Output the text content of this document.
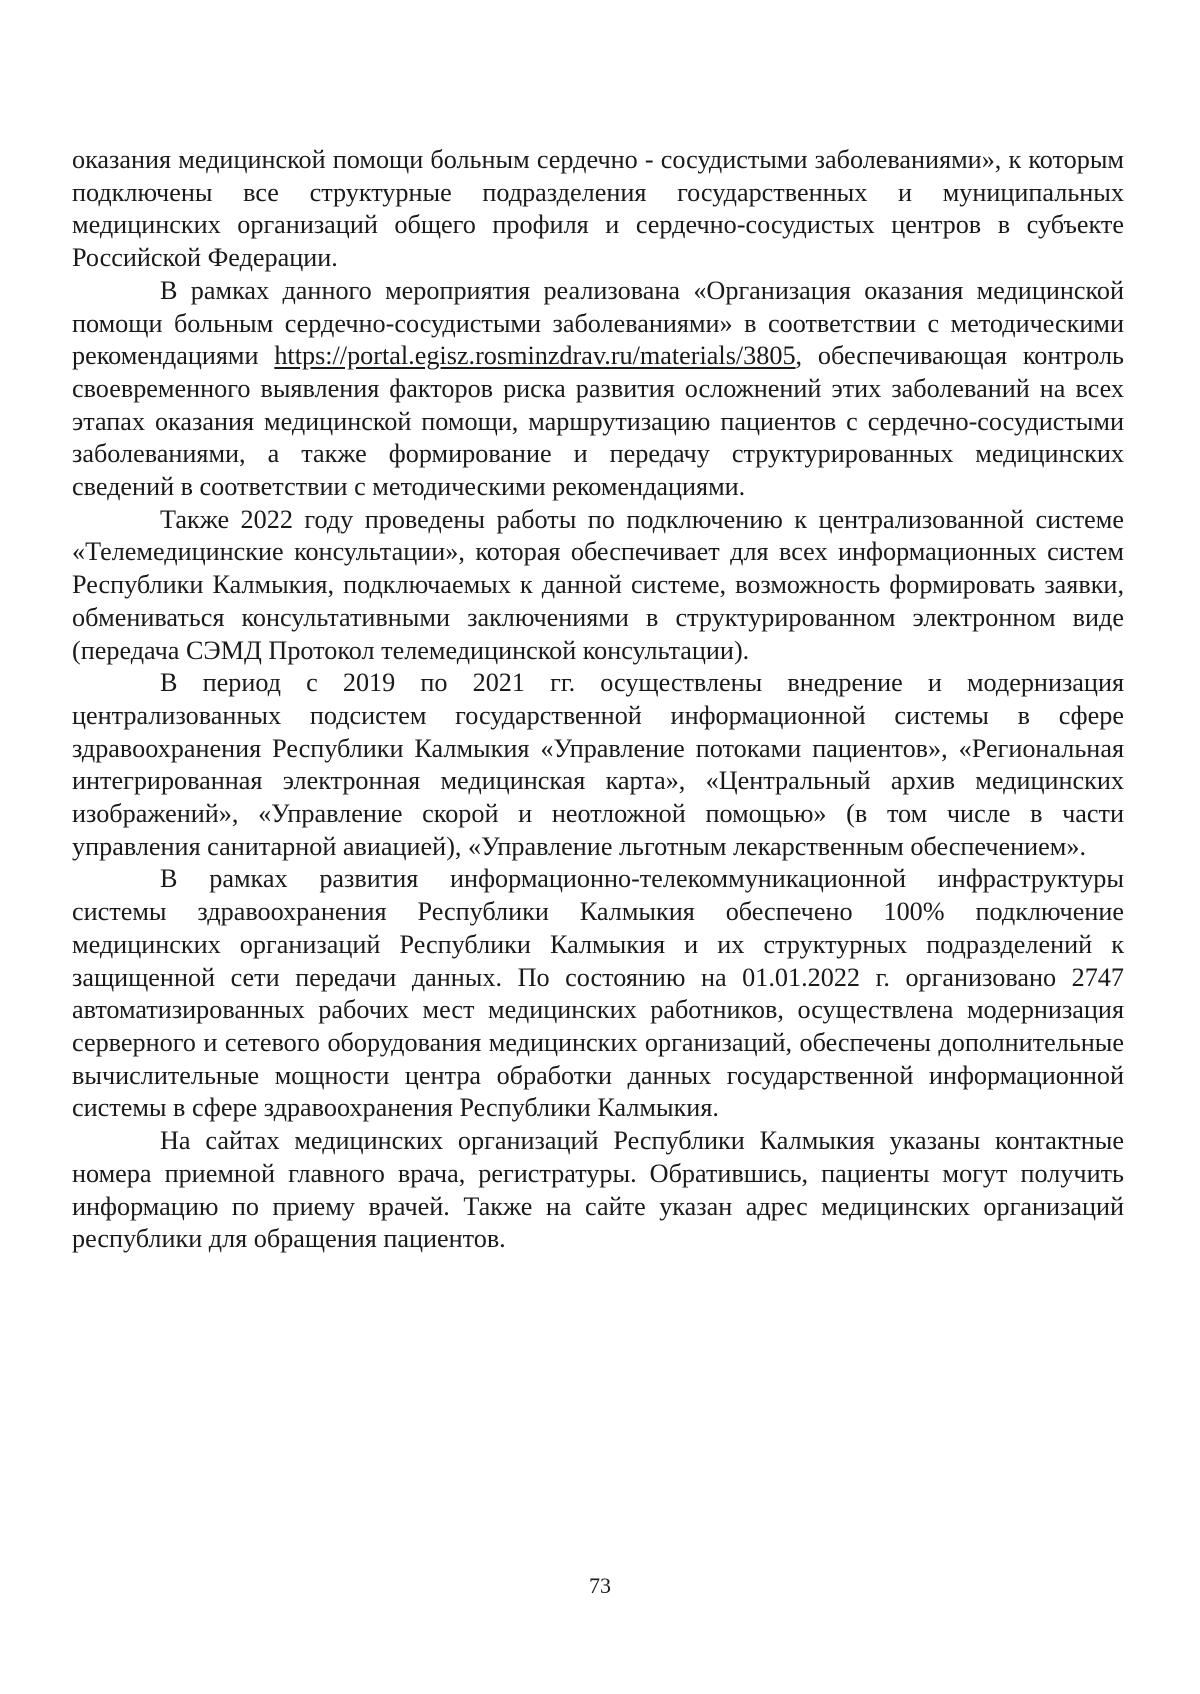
оказания медицинской помощи больным сердечно - сосудистыми заболеваниями», к которым подключены все структурные подразделения государственных и муниципальных медицинских организаций общего профиля и сердечно-сосудистых центров в субъекте Российской Федерации.

В рамках данного мероприятия реализована «Организация оказания медицинской помощи больным сердечно-сосудистыми заболеваниями» в соответствии с методическими рекомендациями https://portal.egisz.rosminzdrav.ru/materials/3805, обеспечивающая контроль своевременного выявления факторов риска развития осложнений этих заболеваний на всех этапах оказания медицинской помощи, маршрутизацию пациентов с сердечно-сосудистыми заболеваниями, а также формирование и передачу структурированных медицинских сведений в соответствии с методическими рекомендациями.

Также 2022 году проведены работы по подключению к централизованной системе «Телемедицинские консультации», которая обеспечивает для всех информационных систем Республики Калмыкия, подключаемых к данной системе, возможность формировать заявки, обмениваться консультативными заключениями в структурированном электронном виде (передача СЭМД Протокол телемедицинской консультации).

В период с 2019 по 2021 гг. осуществлены внедрение и модернизация централизованных подсистем государственной информационной системы в сфере здравоохранения Республики Калмыкия «Управление потоками пациентов», «Региональная интегрированная электронная медицинская карта», «Центральный архив медицинских изображений», «Управление скорой и неотложной помощью» (в том числе в части управления санитарной авиацией), «Управление льготным лекарственным обеспечением».

В рамках развития информационно-телекоммуникационной инфраструктуры системы здравоохранения Республики Калмыкия обеспечено 100% подключение медицинских организаций Республики Калмыкия и их структурных подразделений к защищенной сети передачи данных. По состоянию на 01.01.2022 г. организовано 2747 автоматизированных рабочих мест медицинских работников, осуществлена модернизация серверного и сетевого оборудования медицинских организаций, обеспечены дополнительные вычислительные мощности центра обработки данных государственной информационной системы в сфере здравоохранения Республики Калмыкия.

На сайтах медицинских организаций Республики Калмыкия указаны контактные номера приемной главного врача, регистратуры. Обратившись, пациенты могут получить информацию по приему врачей. Также на сайте указан адрес медицинских организаций республики для обращения пациентов.

73
